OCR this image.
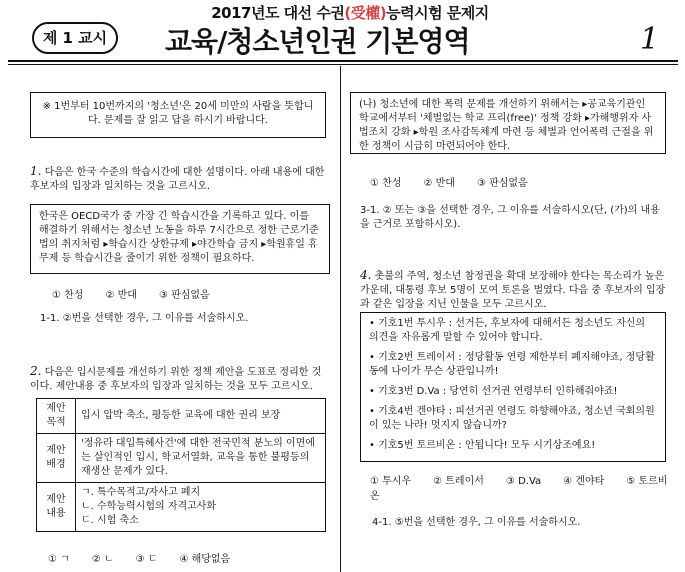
2017년도 대선 수권(受權)능력시험 문제지
제 1 교시	교육/청소년인권 기본영역	1
※ 1번부터 10번까지의 '청소년'은 20세 미만의 사람을 뜻합니다. 문제를 잘 읽고 답을 하시기 바랍니다.
1. 다음은 한국 수준의 학습시간에 대한 설명이다. 아래 내용에 대한 후보자의 입장과 일치하는 것을 고르시오.
한국은 OECD국가 중 가장 긴 학습시간을 기록하고 있다. 이를 해결하기 위해서는 청소년 노동을 하루 7시간으로 정한 근로기준법의 취지처럼 ▸학습시간 상한규제 ▸야간학습 금지 ▸학원휴일 휴무제 등 학습시간을 줄이기 위한 정책이 필요하다.
① 찬성 ② 반대 ③ 판심없음
1-1. ②번을 선택한 경우, 그 이유를 서술하시오.
2. 다음은 입시문제를 개선하기 위한 정책 제안을 도표로 정리한 것이다. 제안내용 중 후보자의 입장과 일치하는 것을 모두 고르시오.
제안 목적	입시 압박 축소, 평등한 교육에 대한 권리 보장
제안 배경	'정유라 대입특혜사건'에 대한 전국민적 분노의 이면에는 살인적인 입시, 학교서열화, 교육을 통한 불평등의 재생산 문제가 있다.
제안 내용	ㄱ. 특수목적고/자사고 폐지
ㄴ. 수학능력시험의 자격고사화
ㄷ. 시험 축소
① ㄱ ② ㄴ ③ ㄷ ④ 해당없음
(나) 청소년에 대한 폭력 문제를 개선하기 위해서는 ▸공교육기관인 학교에서부터 '체벌없는 학교 프리(free)' 정책 강화 ▸가해행위자 사법조치 강화 ▸학원 조사감독체계 마련 등 체벌과 언어폭력 근절을 위한 정책이 시급히 마련되어야 한다.
① 찬성 ② 반대 ③ 판심없음
3-1. ② 또는 ③을 선택한 경우, 그 이유를 서술하시오(단, (가)의 내용을 근거로 포함하시오).
4. 촛불의 주역, 청소년 참정권을 확대 보장해야 한다는 목소리가 높은 가운데, 대통령 후보 5명이 모여 토론을 벌였다. 다음 중 후보자의 입장과 같은 입장을 지닌 인물을 모두 고르시오.
• 기호1번 투시우 : 선거든, 후보자에 대해서든 청소년도 자신의 의견을 자유롭게 말할 수 있어야 합니다.
• 기호2번 트레이서 : 정당활동 연령 제한부터 폐지해야죠, 정당활동에 나이가 무슨 상관입니까!
• 기호3번 D.Va : 당연히 선거권 연령부터 인하해줘야죠!
• 기호4번 겐야타 : 피선거권 연령도 하향해야죠, 청소년 국회의원이 있는 나라! 멋지지 않습니까?
• 기호5번 토르비온 : 안됩니다! 모두 시기상조예요!
① 투시우 ② 트레이서 ③ D.Va ④ 겐야타 ⑤ 토르비온
4-1. ⑤번을 선택한 경우, 그 이유를 서술하시오.
